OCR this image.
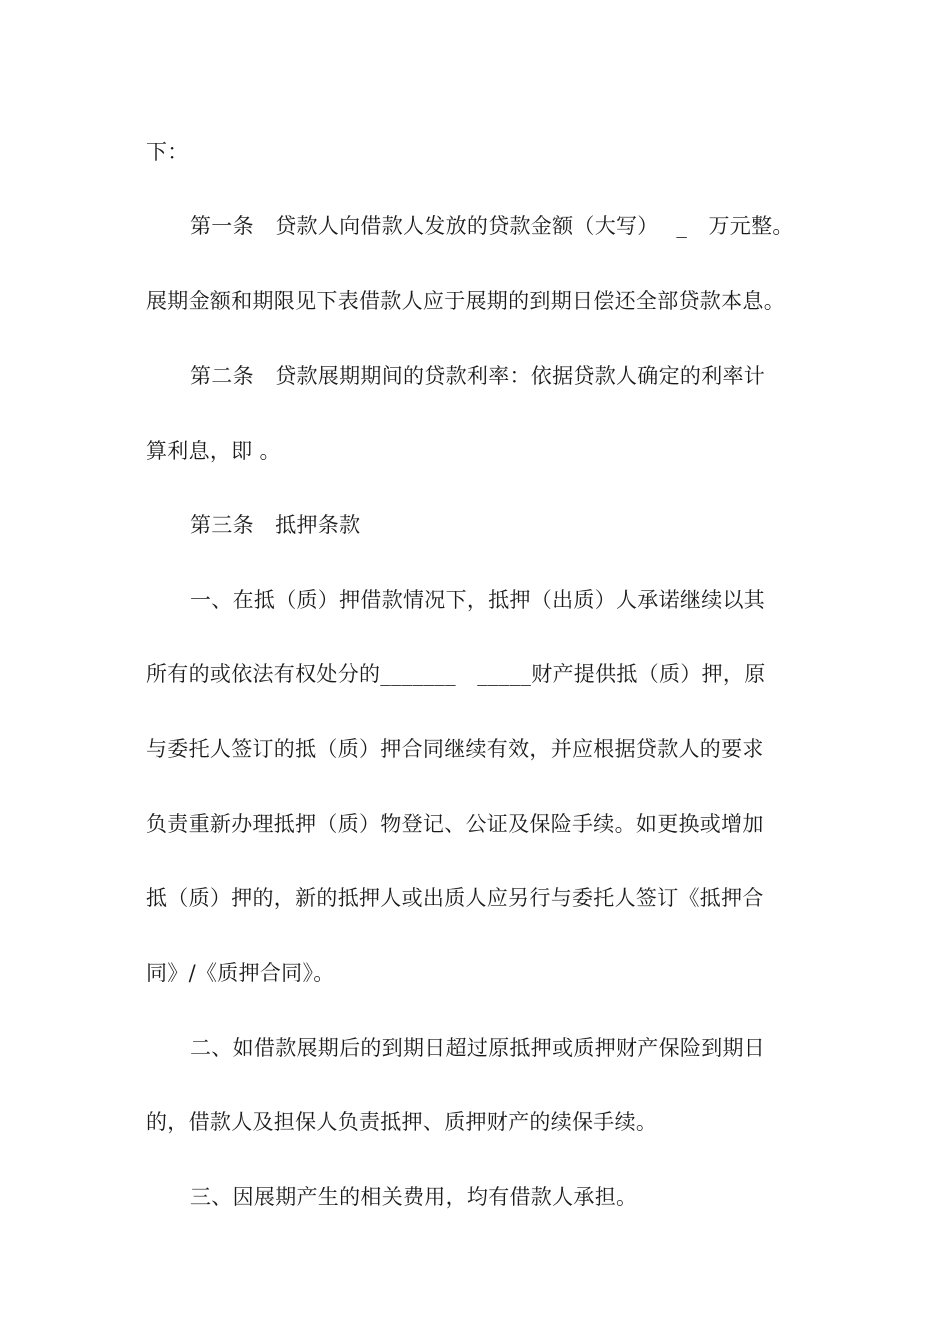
下：
第一条　贷款人向借款人发放的贷款金额（大写）　 _　万元整。
展期金额和期限见下表借款人应于展期的到期日偿还全部贷款本息。
第二条　贷款展期期间的贷款利率：依据贷款人确定的利率计
算利息，即 。
第三条　抵押条款
一、在抵（质）押借款情况下，抵押（出质）人承诺继续以其
所有的或依法有权处分的_______　_____财产提供抵（质）押，原
与委托人签订的抵（质）押合同继续有效，并应根据贷款人的要求
负责重新办理抵押（质）物登记、公证及保险手续。如更换或增加
抵（质）押的，新的抵押人或出质人应另行与委托人签订《抵押合
同》/《质押合同》。
二、如借款展期后的到期日超过原抵押或质押财产保险到期日
的，借款人及担保人负责抵押、质押财产的续保手续。
三、因展期产生的相关费用，均有借款人承担。
